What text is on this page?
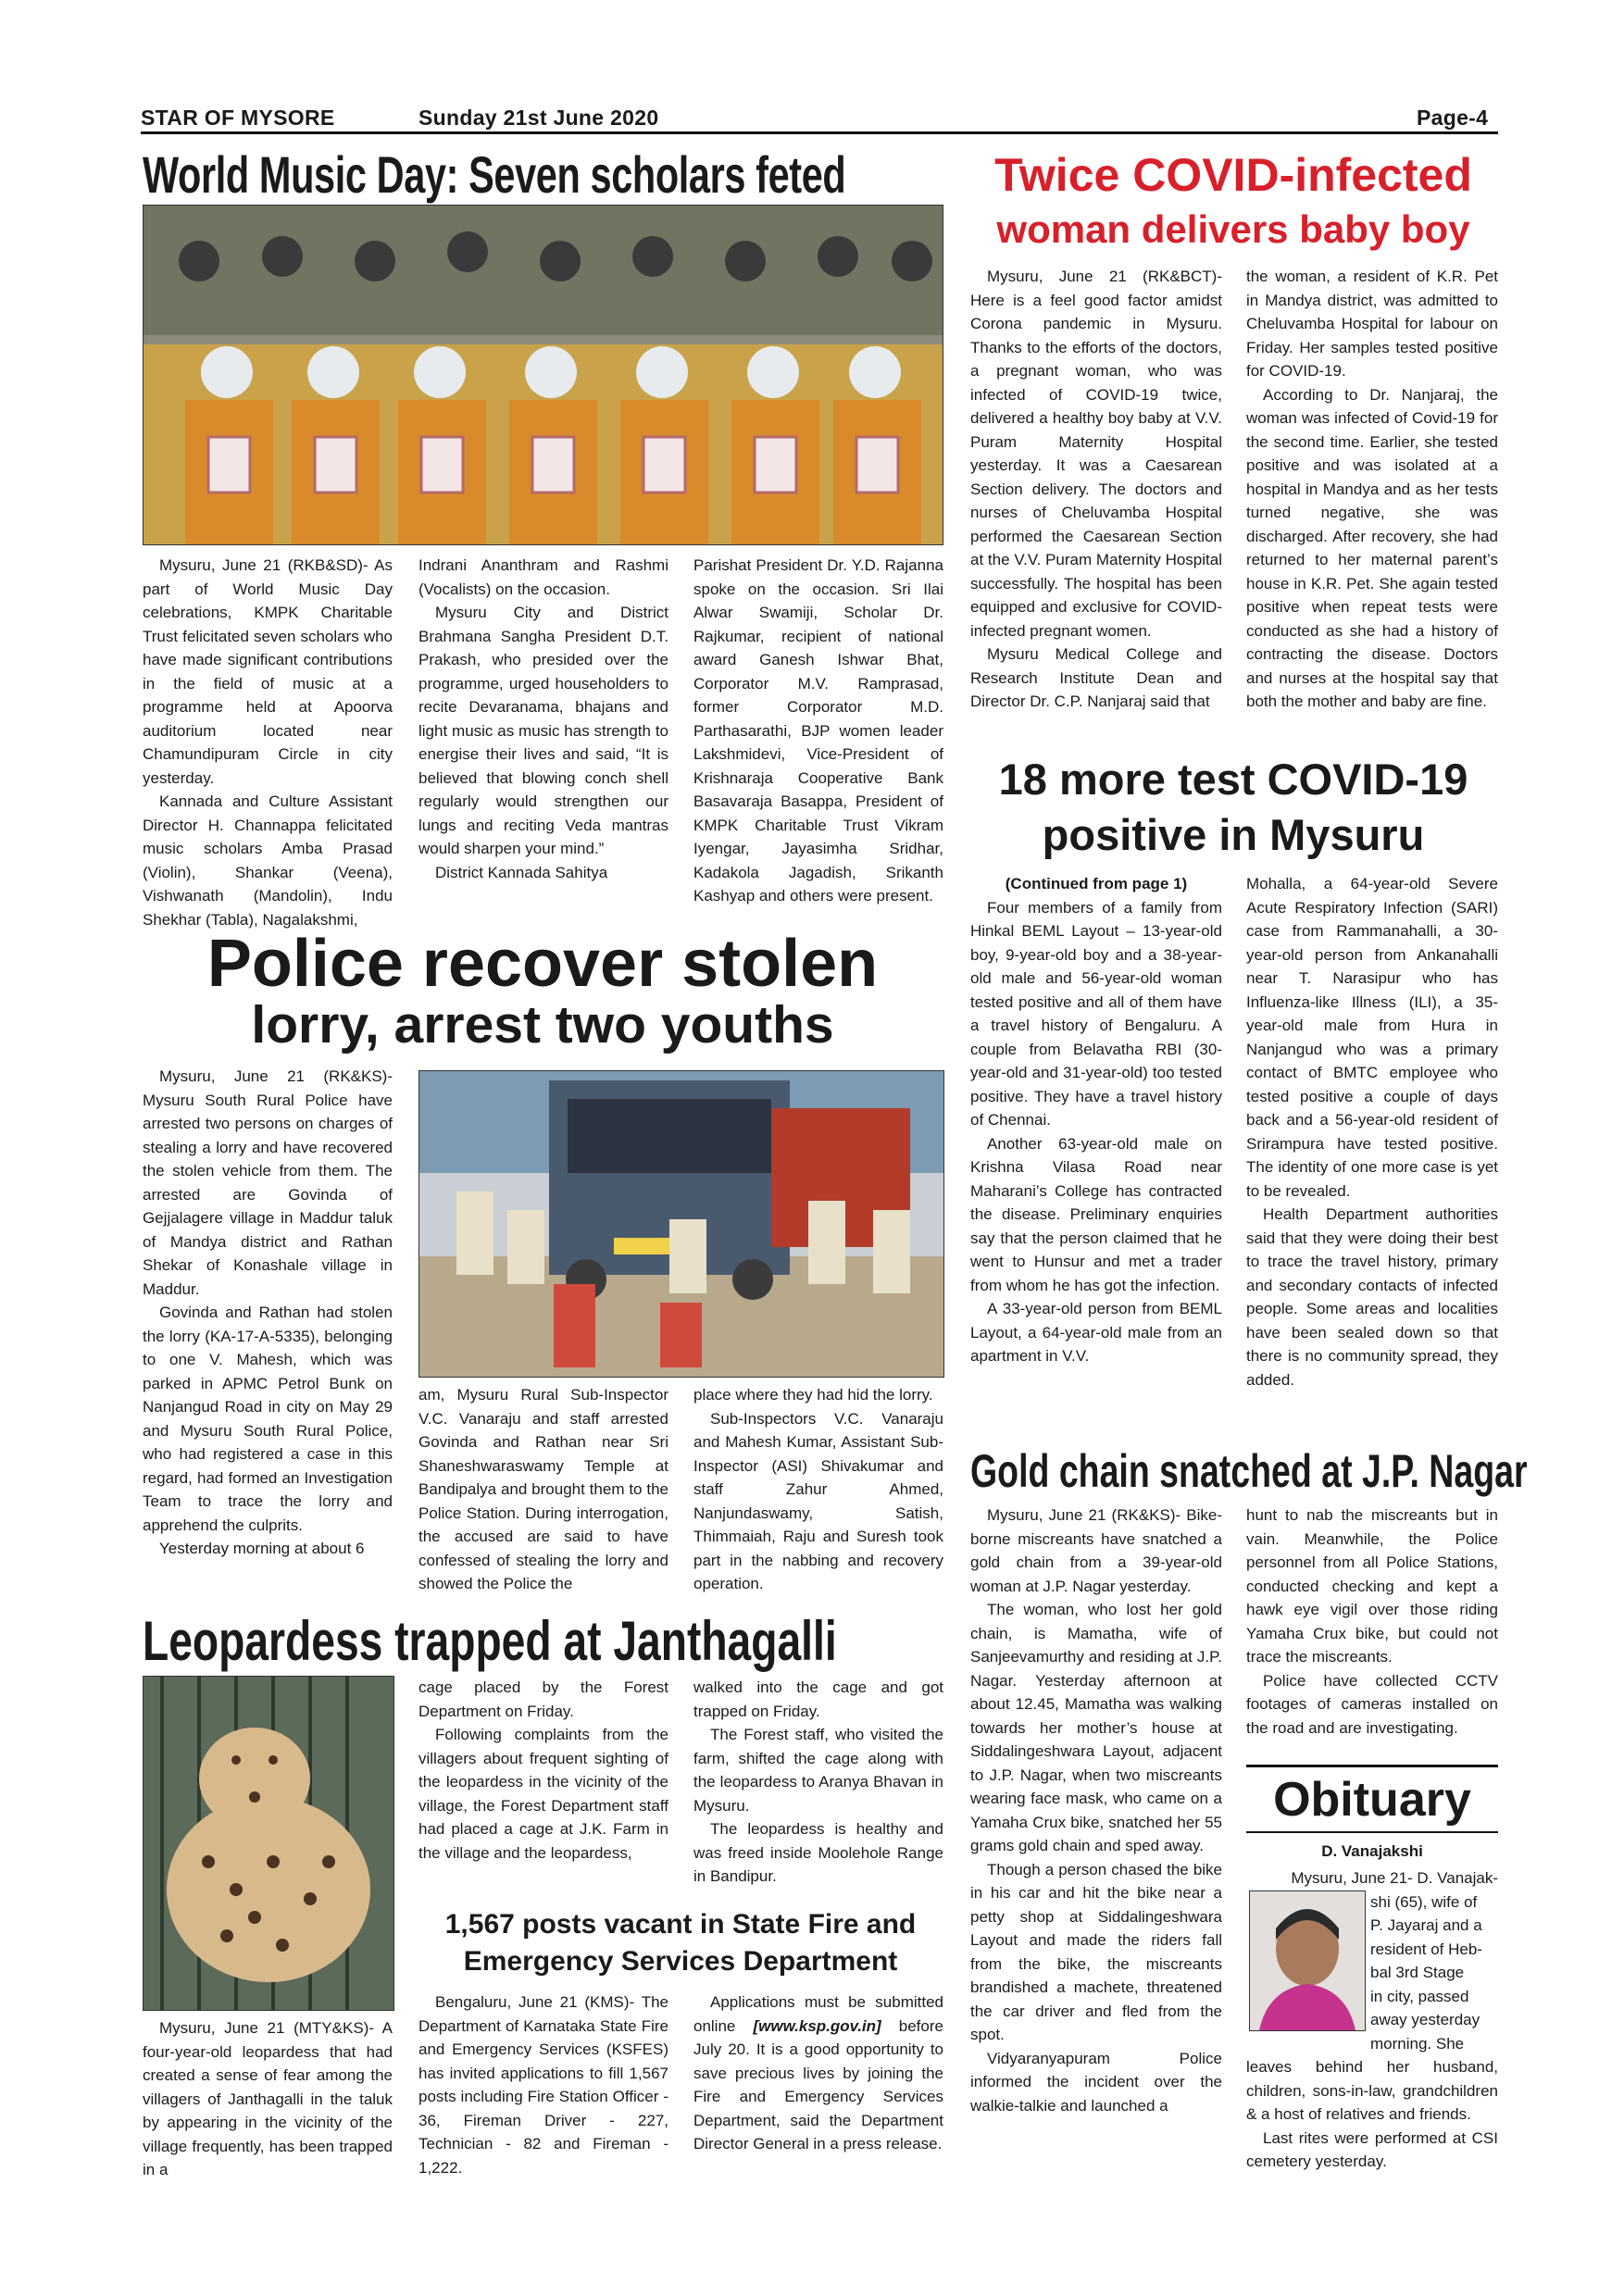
STAR OF MYSORE	Sunday 21st June 2020	Page-4
World Music Day: Seven scholars feted

Mysuru, June 21 (RKB&SD)- As part of World Music Day celebrations, KMPK Charitable Trust felicitated seven scholars who have made significant contributions in the field of music at a programme held at Apoorva auditorium located near Chamundipuram Circle in city yesterday.

Kannada and Culture Assistant Director H. Channappa felicitated music scholars Amba Prasad (Violin), Shankar (Veena), Vishwanath (Mandolin), Indu Shekhar (Tabla), Nagalakshmi,

Indrani Ananthram and Rashmi (Vocalists) on the occasion.

Mysuru City and District Brahmana Sangha President D.T. Prakash, who presided over the programme, urged householders to recite Devaranama, bhajans and light music as music has strength to energise their lives and said, “It is believed that blowing conch shell regularly would strengthen our lungs and reciting Veda mantras would sharpen your mind.”

District Kannada Sahitya

Parishat President Dr. Y.D. Rajanna spoke on the occasion. Sri Ilai Alwar Swamiji, Scholar Dr. Rajkumar, recipient of national award Ganesh Ishwar Bhat, Corporator M.V. Ramprasad, former Corporator M.D. Parthasarathi, BJP women leader Lakshmidevi, Vice-President of Krishnaraja Cooperative Bank Basavaraja Basappa, President of KMPK Charitable Trust Vikram Iyengar, Jayasimha Sridhar, Kadakola Jagadish, Srikanth Kashyap and others were present.

Twice COVID-infected
woman delivers baby boy

Mysuru, June 21 (RK&BCT)- Here is a feel good factor amidst Corona pandemic in Mysuru. Thanks to the efforts of the doctors, a pregnant woman, who was infected of COVID-19 twice, delivered a healthy boy baby at V.V. Puram Maternity Hospital yesterday. It was a Caesarean Section delivery. The doctors and nurses of Cheluvamba Hospital performed the Caesarean Section at the V.V. Puram Maternity Hospital successfully. The hospital has been equipped and exclusive for COVID-infected pregnant women.

Mysuru Medical College and Research Institute Dean and Director Dr. C.P. Nanjaraj said that

the woman, a resident of K.R. Pet in Mandya district, was admitted to Cheluvamba Hospital for labour on Friday. Her samples tested positive for COVID-19.

According to Dr. Nanjaraj, the woman was infected of Covid-19 for the second time. Earlier, she tested positive and was isolated at a hospital in Mandya and as her tests turned negative, she was discharged. After recovery, she had returned to her maternal parent’s house in K.R. Pet. She again tested positive when repeat tests were conducted as she had a history of contracting the disease. Doctors and nurses at the hospital say that both the mother and baby are fine.

18 more test COVID-19
positive in Mysuru

(Continued from page 1)

Four members of a family from Hinkal BEML Layout – 13-year-old boy, 9-year-old boy and a 38-year-old male and 56-year-old woman tested positive and all of them have a travel history of Bengaluru. A couple from Belavatha RBI (30-year-old and 31-year-old) too tested positive. They have a travel history of Chennai.

Another 63-year-old male on Krishna Vilasa Road near Maharani’s College has contracted the disease. Preliminary enquiries say that the person claimed that he went to Hunsur and met a trader from whom he has got the infection.

A 33-year-old person from BEML Layout, a 64-year-old male from an apartment in V.V.

Mohalla, a 64-year-old Severe Acute Respiratory Infection (SARI) case from Rammanahalli, a 30-year-old person from Ankanahalli near T. Narasipur who has Influenza-like Illness (ILI), a 35-year-old male from Hura in Nanjangud who was a primary contact of BMTC employee who tested positive a couple of days back and a 56-year-old resident of Srirampura have tested positive. The identity of one more case is yet to be revealed.

Health Department authorities said that they were doing their best to trace the travel history, primary and secondary contacts of infected people. Some areas and localities have been sealed down so that there is no community spread, they added.

Police recover stolen
lorry, arrest two youths

Mysuru, June 21 (RK&KS)- Mysuru South Rural Police have arrested two persons on charges of stealing a lorry and have recovered the stolen vehicle from them. The arrested are Govinda of Gejjalagere village in Maddur taluk of Mandya district and Rathan Shekar of Konashale village in Maddur.

Govinda and Rathan had stolen the lorry (KA-17-A-5335), belonging to one V. Mahesh, which was parked in APMC Petrol Bunk on Nanjangud Road in city on May 29 and Mysuru South Rural Police, who had registered a case in this regard, had formed an Investigation Team to trace the lorry and apprehend the culprits.

Yesterday morning at about 6

am, Mysuru Rural Sub-Inspector V.C. Vanaraju and staff arrested Govinda and Rathan near Sri Shaneshwaraswamy Temple at Bandipalya and brought them to the Police Station. During interrogation, the accused are said to have confessed of stealing the lorry and showed the Police the

place where they had hid the lorry.

Sub-Inspectors V.C. Vanaraju and Mahesh Kumar, Assistant Sub-Inspector (ASI) Shivakumar and staff Zahur Ahmed, Nanjundaswamy, Satish, Thimmaiah, Raju and Suresh took part in the nabbing and recovery operation.

Gold chain snatched at J.P. Nagar

Mysuru, June 21 (RK&KS)- Bike-borne miscreants have snatched a gold chain from a 39-year-old woman at J.P. Nagar yesterday.

The woman, who lost her gold chain, is Mamatha, wife of Sanjeevamurthy and residing at J.P. Nagar. Yesterday afternoon at about 12.45, Mamatha was walking towards her mother’s house at Siddalingeshwara Layout, adjacent to J.P. Nagar, when two miscreants wearing face mask, who came on a Yamaha Crux bike, snatched her 55 grams gold chain and sped away.

Though a person chased the bike in his car and hit the bike near a petty shop at Siddalingeshwara Layout and made the riders fall from the bike, the miscreants brandished a machete, threatened the car driver and fled from the spot.

Vidyaranyapuram Police informed the incident over the walkie-talkie and launched a

hunt to nab the miscreants but in vain. Meanwhile, the Police personnel from all Police Stations, conducted checking and kept a hawk eye vigil over those riding Yamaha Crux bike, but could not trace the miscreants.

Police have collected CCTV footages of cameras installed on the road and are investigating.

Obituary
D. Vanajakshi
Mysuru, June 21- D. Vanajak-
shi (65), wife of
P. Jayaraj and a
resident of Heb-
bal 3rd Stage
in city, passed
away yesterday
morning. She

leaves behind her husband, children, sons-in-law, grandchildren & a host of relatives and friends.

Last rites were performed at CSI cemetery yesterday.

Leopardess trapped at Janthagalli

Mysuru, June 21 (MTY&KS)- A four-year-old leopardess that had created a sense of fear among the villagers of Janthagalli in the taluk by appearing in the vicinity of the village frequently, has been trapped in a

cage placed by the Forest Department on Friday.

Following complaints from the villagers about frequent sighting of the leopardess in the vicinity of the village, the Forest Department staff had placed a cage at J.K. Farm in the village and the leopardess,

walked into the cage and got trapped on Friday.

The Forest staff, who visited the farm, shifted the cage along with the leopardess to Aranya Bhavan in Mysuru.

The leopardess is healthy and was freed inside Moolehole Range in Bandipur.

1,567 posts vacant in State Fire and
Emergency Services Department

Bengaluru, June 21 (KMS)- The Department of Karnataka State Fire and Emergency Services (KSFES) has invited applications to fill 1,567 posts including Fire Station Officer - 36, Fireman Driver - 227, Technician - 82 and Fireman - 1,222.

Applications must be submitted online [www.ksp.gov.in] before July 20. It is a good opportunity to save precious lives by joining the Fire and Emergency Services Department, said the Department Director General in a press release.
